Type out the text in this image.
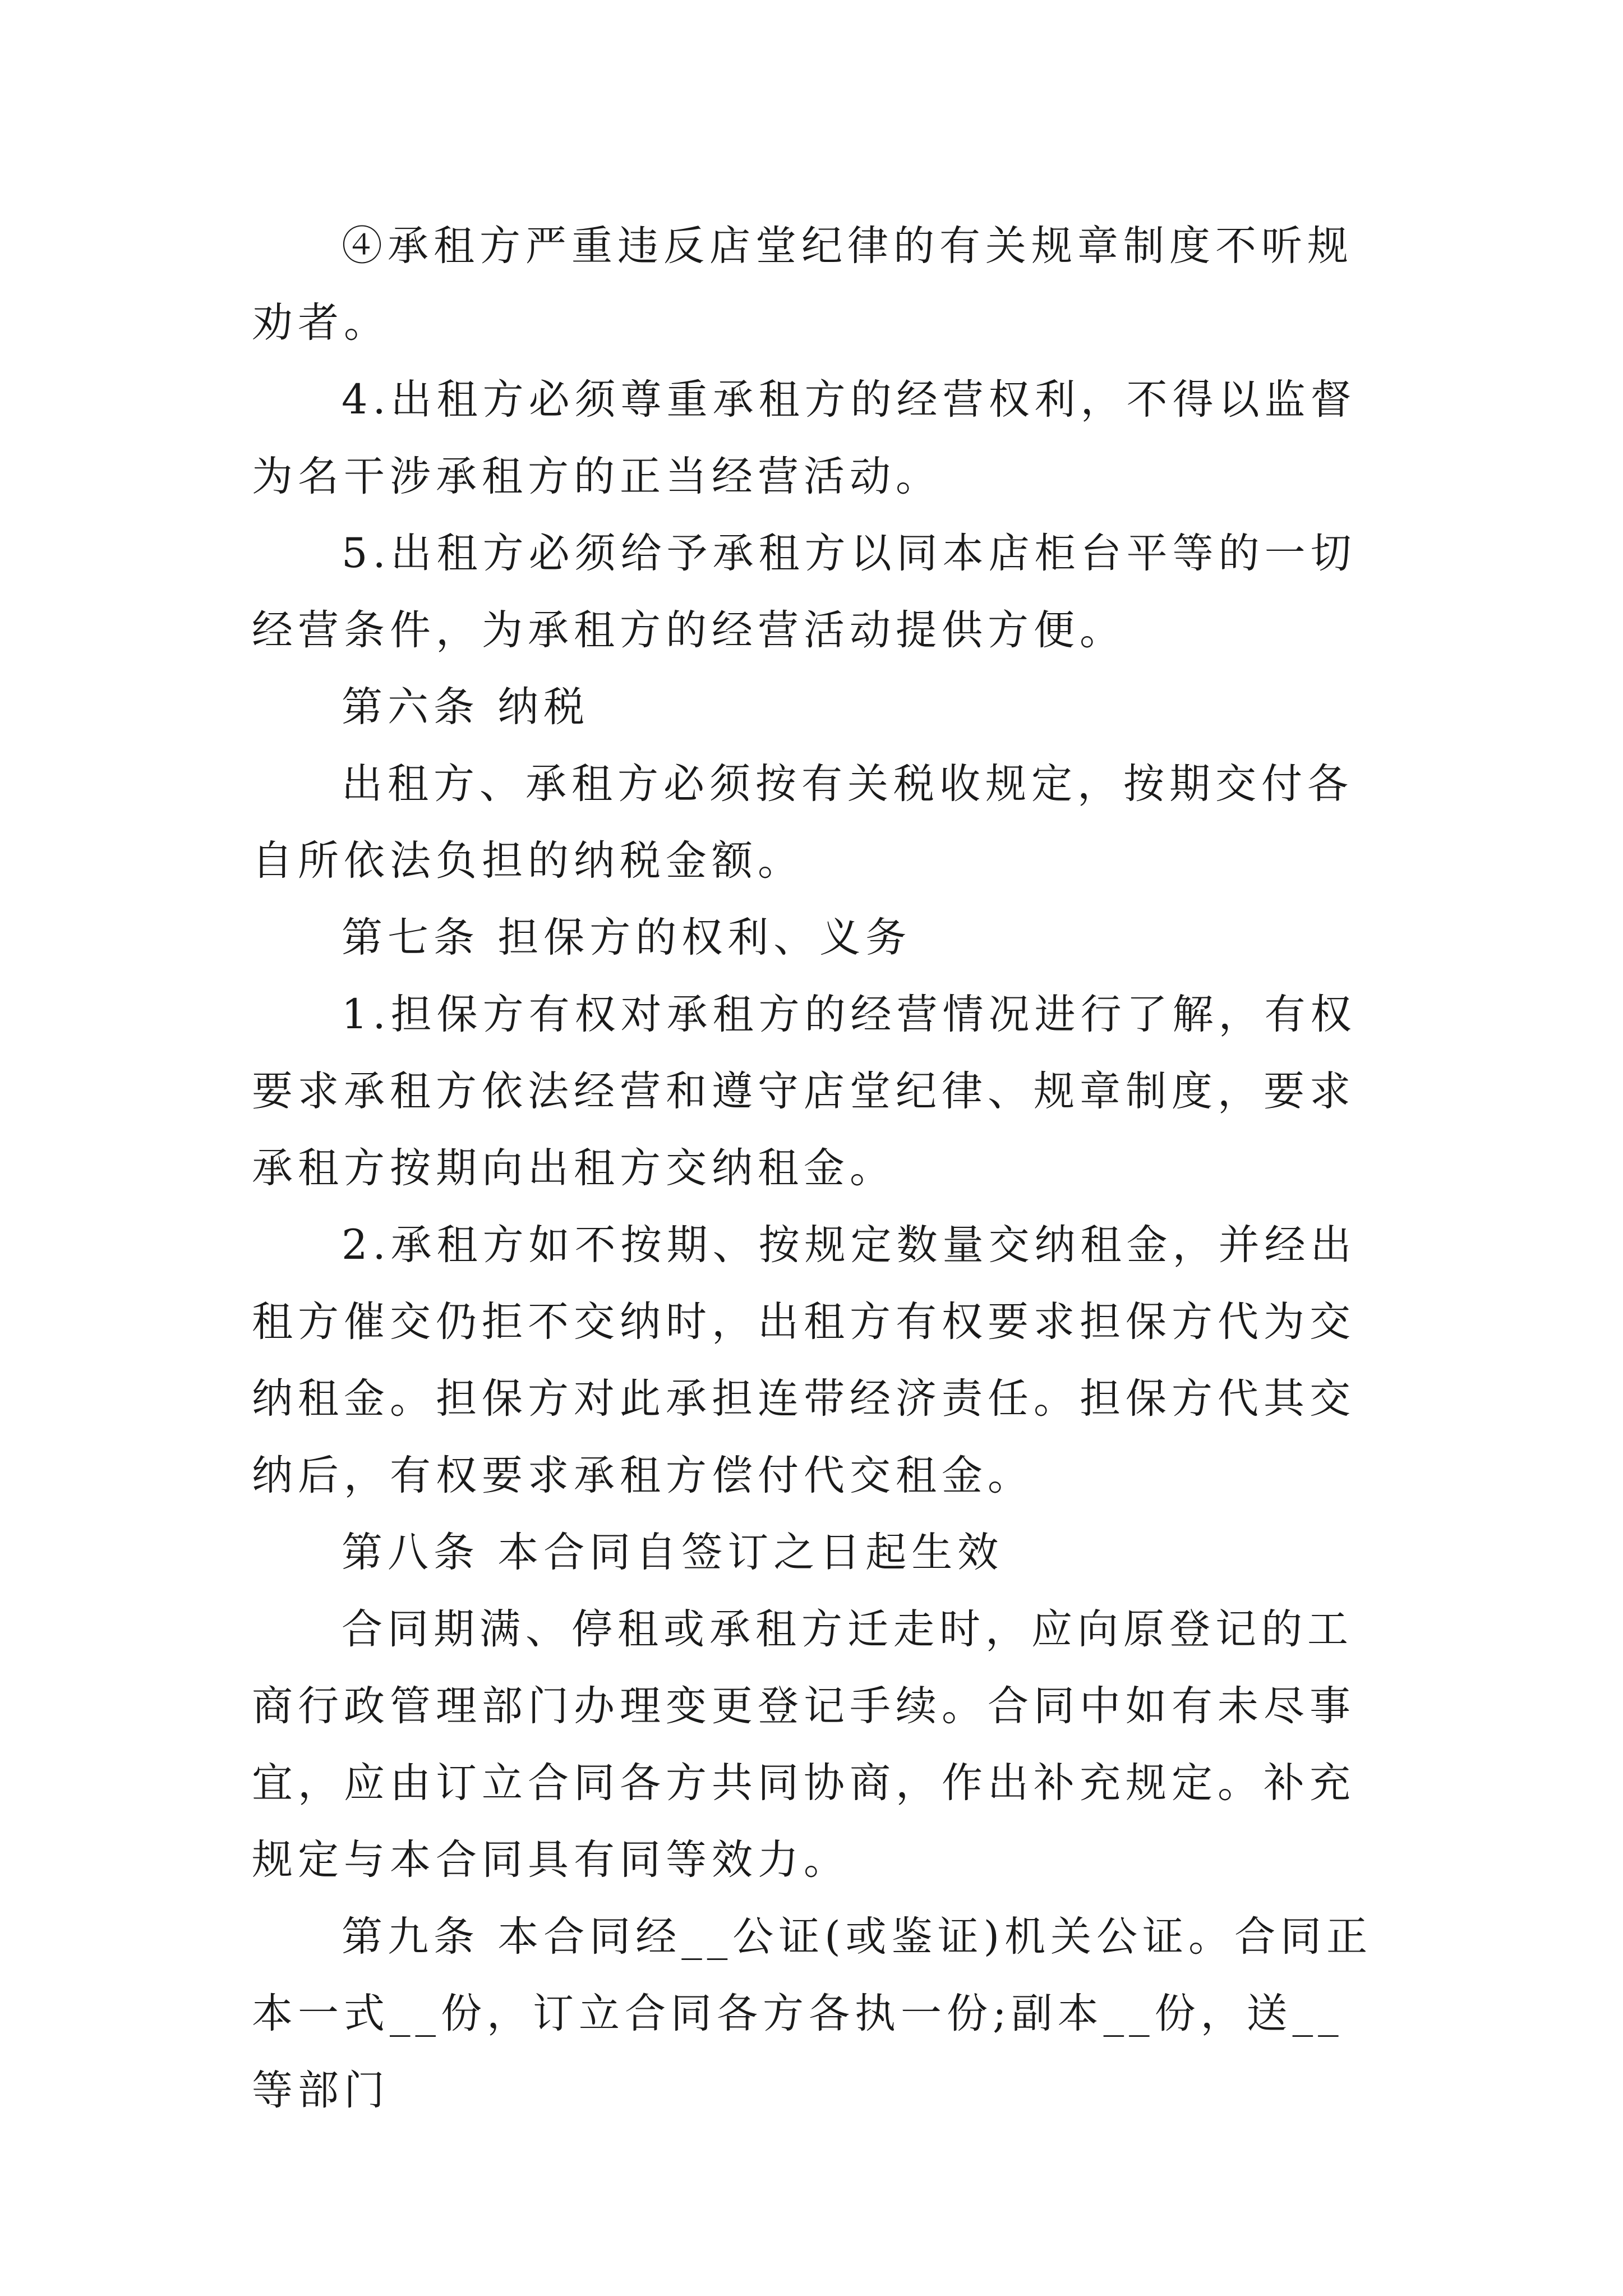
④承租方严重违反店堂纪律的有关规章制度不听规劝者。

4.出租方必须尊重承租方的经营权利，不得以监督为名干涉承租方的正当经营活动。

5.出租方必须给予承租方以同本店柜台平等的一切经营条件，为承租方的经营活动提供方便。

第六条 纳税

出租方、承租方必须按有关税收规定，按期交付各自所依法负担的纳税金额。

第七条 担保方的权利、义务

1.担保方有权对承租方的经营情况进行了解，有权要求承租方依法经营和遵守店堂纪律、规章制度，要求承租方按期向出租方交纳租金。

2.承租方如不按期、按规定数量交纳租金，并经出租方催交仍拒不交纳时，出租方有权要求担保方代为交纳租金。担保方对此承担连带经济责任。担保方代其交纳后，有权要求承租方偿付代交租金。

第八条 本合同自签订之日起生效

合同期满、停租或承租方迁走时，应向原登记的工商行政管理部门办理变更登记手续。合同中如有未尽事宜，应由订立合同各方共同协商，作出补充规定。补充规定与本合同具有同等效力。

第九条 本合同经__公证(或鉴证)机关公证。合同正本一式__份，订立合同各方各执一份;副本__份，送__等部门
